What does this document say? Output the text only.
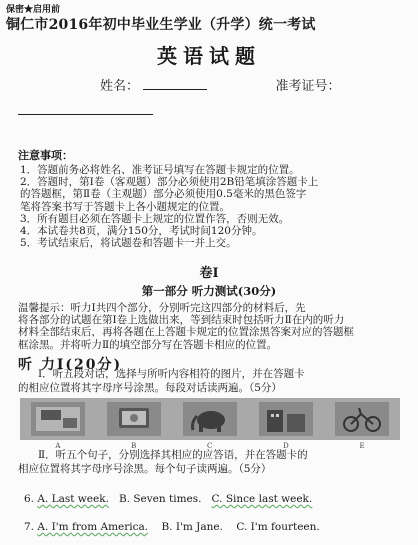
保密★启用前
铜仁市2016年初中毕业生学业（升学）统一考试
英语试题
姓名：	准考证号：
注意事项：
1．答题前务必将姓名、准考证号填写在答题卡规定的位置。
2．答题时，第Ⅰ卷（客观题）部分必须使用2B铅笔填涂答题卡上
的答题框，第Ⅱ卷（主观题）部分必须使用0.5毫米的黑色签字
笔将答案书写于答题卡上各小题规定的位置。
3．所有题目必须在答题卡上规定的位置作答，否则无效。
4．本试卷共8页，满分150分，考试时间120分钟。
5．考试结束后，将试题卷和答题卡一并上交。
卷Ⅰ
第一部分 听力测试(30分)
温馨提示：听力Ⅰ共四个部分，分别听完这四部分的材料后，先
将各部分的试题在第Ⅰ卷上选做出来，等到结束时包括听力Ⅱ在内的听力
材料全部结束后，再将各题在上答题卡规定的位置涂黑答案对应的答题框
框涂黑。并将听力Ⅱ的填空部分写在答题卡相应的位置。
听 力Ⅰ(20分)
Ⅰ．听五段对话，选择与所听内容相符的图片，并在答题卡
的相应位置将其字母序号涂黑。每段对话读两遍。（5分）
A	B	C	D	E
Ⅱ．听五个句子，分别选择其相应的应答语，并在答题卡的
相应位置将其字母序号涂黑。每个句子读两遍。（5分）
6. A. Last week. B. Seven times. C. Since last week.
7. A. I'm from America. B. I'm Jane. C. I'm fourteen.
